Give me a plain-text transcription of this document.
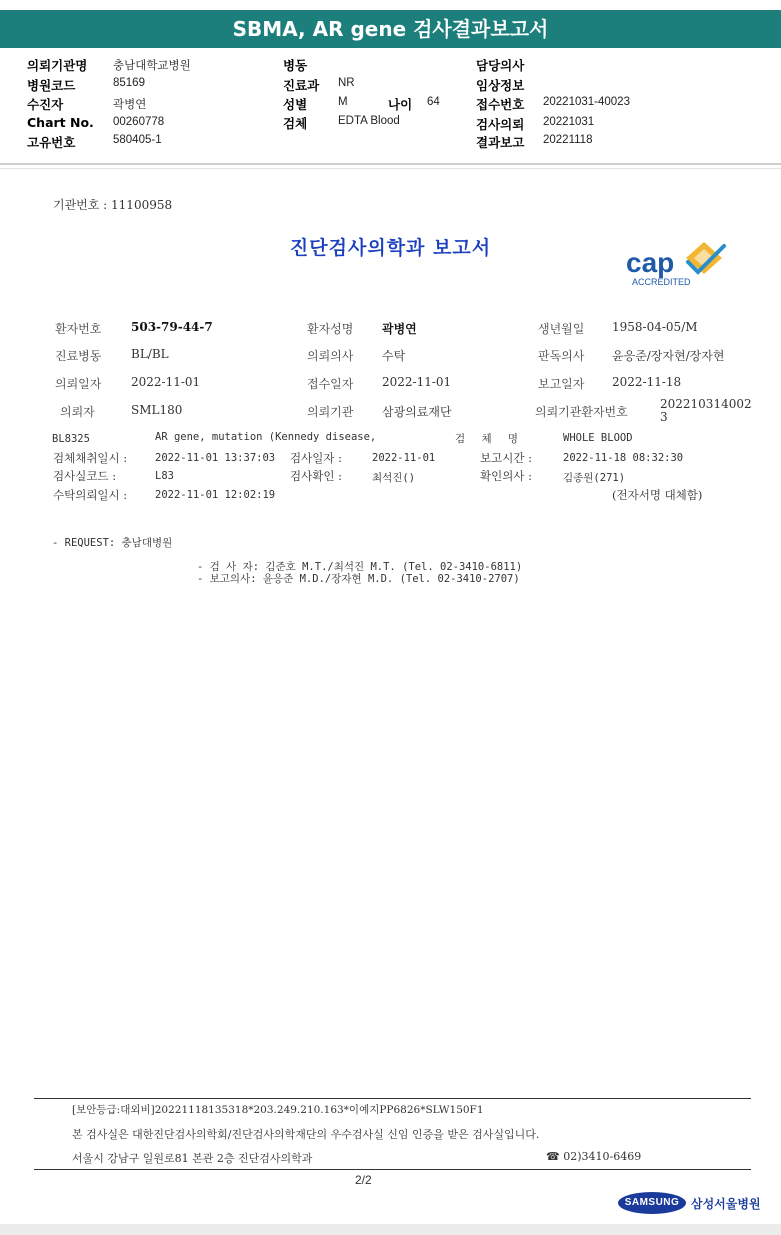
SBMA, AR gene 검사결과보고서
의뢰기관명 충남대학교병원	병동	담당의사
병원코드	85169	진료과 NR	임상정보
수진자	곽병연	성별	M	나이 64	접수번호 20221031-40023
Chart No. 00260778	검체	EDTA Blood	검사의뢰 20221031
고유번호	580405-1	결과보고 20221118
기관번호 : 11100958
진단검사의학과 보고서	cap
ACCREDITED
환자번호 503-79-44-7	환자성명 곽병연	생년월일 1958-04-05/M
진료병동 BL/BL	의뢰의사 수탁	판독의사 윤응준/장자현/장자현
의뢰일자 2022-11-01	접수일자 2022-11-01	보고일자 2022-11-18
의뢰자	SML180	의뢰기관 삼광의료재단	의뢰기관환자번호
202210314002
3
BL8325	AR gene, mutation (Kennedy disease,	검 체 명	WHOLE BLOOD
검체채취일시 :	2022-11-01 13:37:03 검사일자 :	2022-11-01	보고시간 :	2022-11-18 08:32:30
검사실코드 :	L83	검사확인 :	최석진()	확인의사 :	김종원(271)
수탁의뢰일시 :	2022-11-01 12:02:19	(전자서명 대체함)
- REQUEST: 충남대병원
- 검 사 자: 김준호 M.T./최석진 M.T. (Tel. 02-3410-6811)
- 보고의사: 윤응준 M.D./장자현 M.D. (Tel. 02-3410-2707)
[보안등급:대외비]20221118135318*203.249.210.163*이예지PP6826*SLW150F1
본 검사실은 대한진단검사의학회/진단검사의학재단의 우수검사실 신임 인증을 받은 검사실입니다.
서울시 강남구 일원로81 본관 2층 진단검사의학과	☎ 02)3410-6469
2/2
SAMSUNG 삼성서울병원
